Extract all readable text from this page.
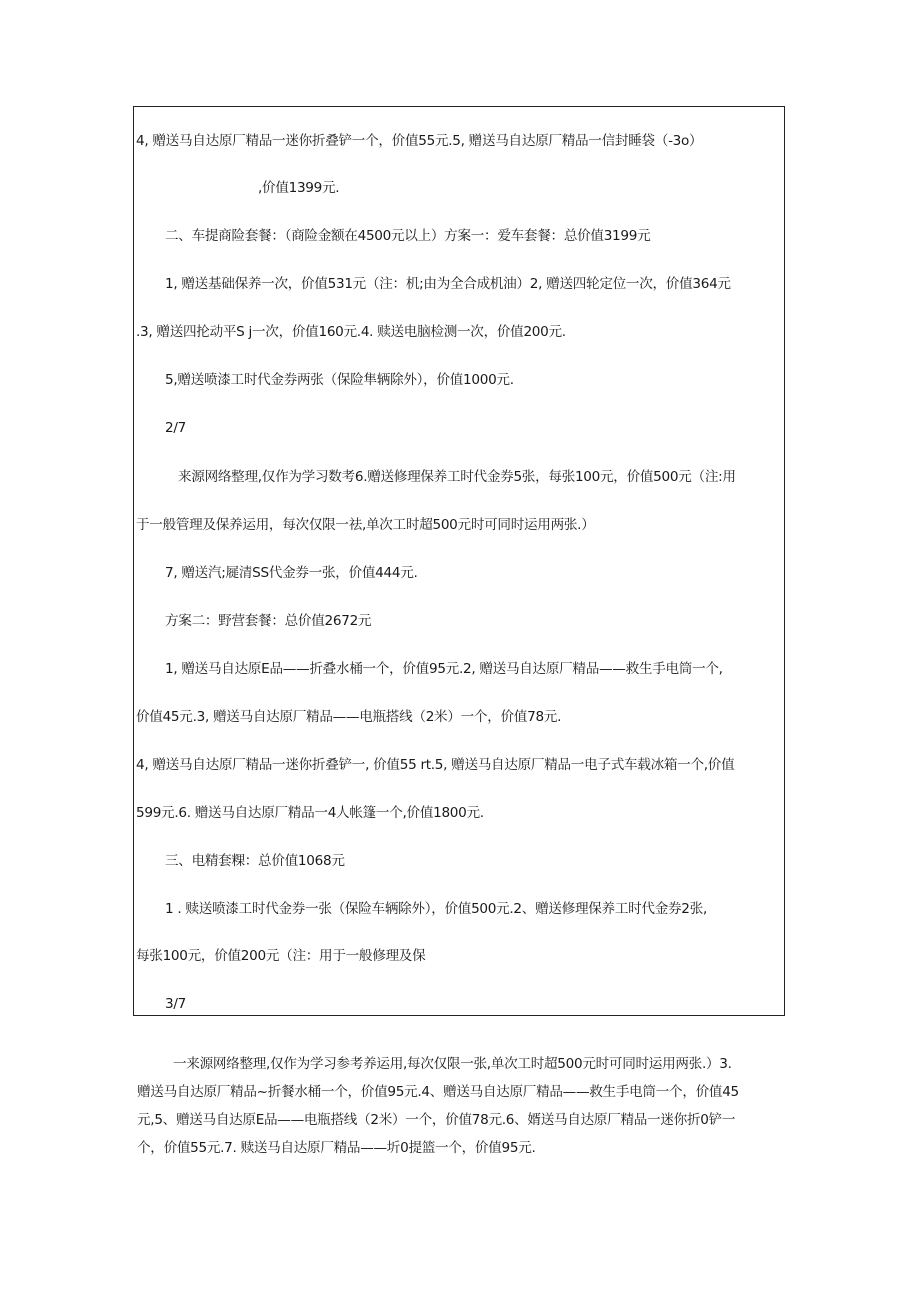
4, 赠送马自达原厂精品一迷你折叠铲一个，价值55元.5, 赠送马自达原厂精品一信封睡袋（-3o）
,价值1399元.
二、车提商险套餐：（商险金额在4500元以上）方案一：爱车套餐：总价值3199元
1, 赠送基础保养一次，价值531元（注：机;由为全合成机油）2, 赠送四轮定位一次，价值364元
.3, 赠送四抡动平S j一次，价值160元.4. 赎送电脑检测一次，价值200元.
5,赠送喷漆工时代金券两张（保险隼辆除外），价值1000元.
2/7
来源网络整理,仅作为学习数考6.赠送修理保养工时代金券5张，每张100元，价值500元（注:用
于一般管理及保养运用，每次仅限一祛,单次工时超500元时可同时运用两张.）
7, 赠送汽;屣清SS代金券一张，价值444元.
方案二：野营套餐：总价值2672元
1, 赠送马自达原E品——折叠水桶一个，价值95元.2, 赠送马自达原厂精品——救生手电筒一个,
价值45元.3, 赠送马自达原厂精品——电瓶搭线（2米）一个，价值78元.
4, 赠送马自达原厂精品一迷你折叠铲一, 价值55 rt.5, 赠送马自达原厂精品一电子式车载冰箱一个,价值
599元.6. 赠送马自达原厂精品一4人帐篷一个,价值1800元.
三、电精套粿：总价值1068元
1 . 赎送喷漆工时代金券一张（保险车辆除外），价值500元.2、赠送修理保养工时代金券2张,
每张100元，价值200元（注：用于一般修理及保
3/7

一来源网络整理,仅作为学习参考养运用,每次仅限一张,单次工时超500元时可同时运用两张.）3.

赠送马自达原厂精品~折餐水桶一个，价值95元.4、赠送马自达原厂精品——救生手电筒一个，价值45

元,5、赠送马自达原E品——电瓶搭线（2米）一个，价值78元.6、婿送马自达原厂精品一迷你折0铲一

个，价值55元.7. 赎送马自达原厂精品——圻0提篮一个，价值95元.
